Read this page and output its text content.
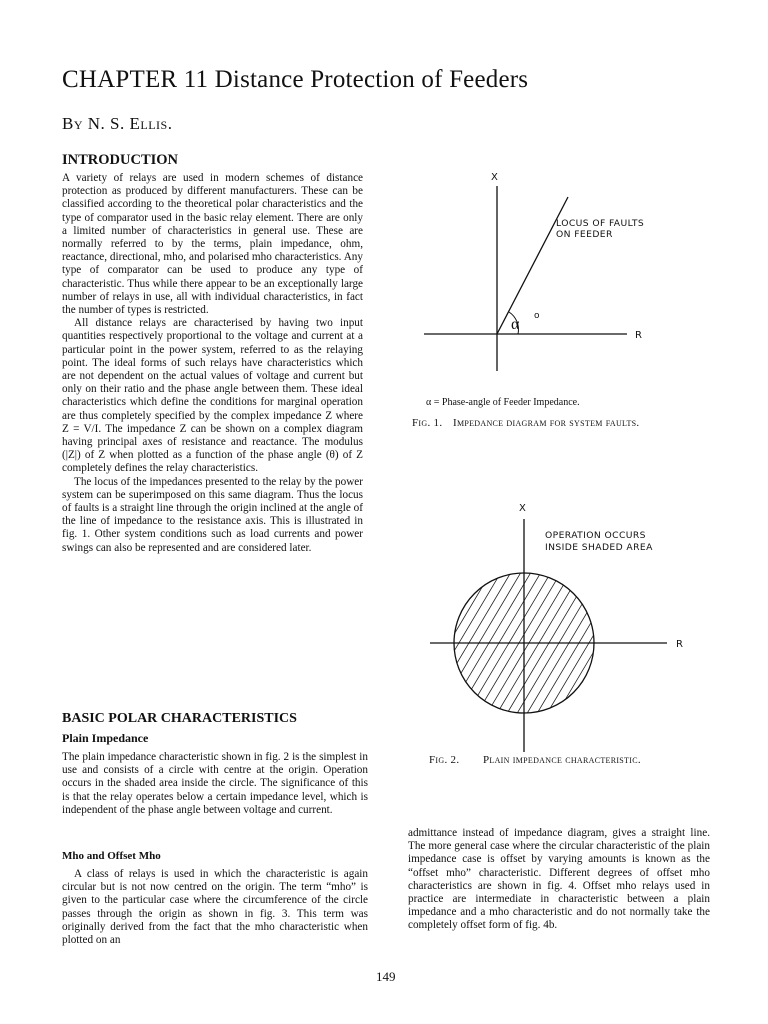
CHAPTER 11 Distance Protection of Feeders
By N. S. Ellis.
INTRODUCTION

A variety of relays are used in modern schemes of distance protection as produced by different manufacturers. These can be classified according to the theoretical polar characteristics and the type of comparator used in the basic relay element. There are only a limited number of characteristics in general use. These are normally referred to by the terms, plain impedance, ohm, reactance, directional, mho, and polarised mho characteristics. Any type of comparator can be used to produce any type of characteristic. Thus while there appear to be an exceptionally large number of relays in use, all with individual characteristics, in fact the number of types is restricted.

All distance relays are characterised by having two input quantities respectively proportional to the voltage and current at a particular point in the power system, referred to as the relaying point. The ideal forms of such relays have characteristics which are not dependent on the actual values of voltage and current but only on their ratio and the phase angle between them. These ideal characteristics which define the conditions for marginal operation are thus completely specified by the complex impedance Z where Z = V/I. The impedance Z can be shown on a complex diagram having principal axes of resistance and reactance. The modulus (|Z|) of Z when plotted as a function of the phase angle (θ) of Z completely defines the relay characteristics.

The locus of the impedances presented to the relay by the power system can be superimposed on this same diagram. Thus the locus of faults is a straight line through the origin inclined at the angle of the line of impedance to the resistance axis. This is illustrated in fig. 1. Other system conditions such as load currents and power swings can also be represented and are considered later.

BASIC POLAR CHARACTERISTICS
Plain Impedance

The plain impedance characteristic shown in fig. 2 is the simplest in use and consists of a circle with centre at the origin. Operation occurs in the shaded area inside the circle. The significance of this is that the relay operates below a certain impedance level, which is independent of the phase angle between voltage and current.

Mho and Offset Mho

A class of relays is used in which the characteristic is again circular but is not now centred on the origin. The term “mho” is given to the particular case where the circumference of the circle passes through the origin as shown in fig. 3. This term was originally derived from the fact that the mho characteristic when plotted on an

admittance instead of impedance diagram, gives a straight line. The more general case where the circular characteristic of the plain impedance case is offset by varying amounts is known as the “offset mho” characteristic. Different degrees of offset mho characteristics are shown in fig. 4. Offset mho relays used in practice are intermediate in characteristic between a plain impedance and a mho characteristic and do not normally take the completely offset form of fig. 4b.

X
R
LOCUS OF FAULTS
ON FEEDER
α o
α = Phase-angle of Feeder Impedance.
Fig. 1. Impedance diagram for system faults.
X
R
OPERATION OCCURS
INSIDE SHADED AREA
Fig. 2. Plain impedance characteristic.
149
